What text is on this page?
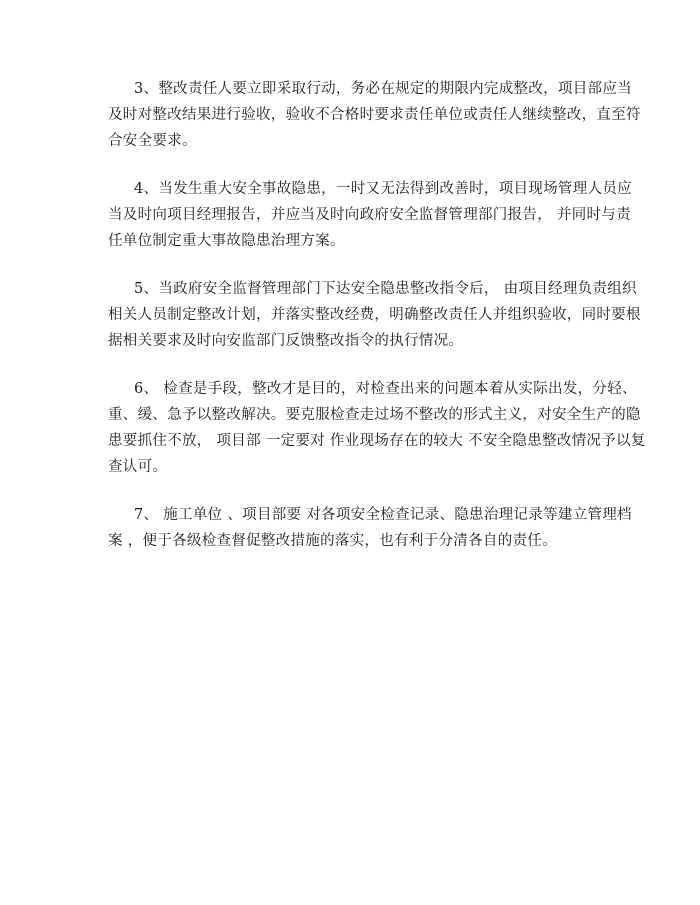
3、整改责任人要立即采取行动，务必在规定的期限内完成整改，项目部应当
及时对整改结果进行验收，验收不合格时要求责任单位或责任人继续整改，直至符
合安全要求。

4、当发生重大安全事故隐患，一时又无法得到改善时，项目现场管理人员应
当及时向项目经理报告，并应当及时向政府安全监督管理部门报告， 并同时与责
任单位制定重大事故隐患治理方案。

5、当政府安全监督管理部门下达安全隐患整改指令后， 由项目经理负责组织
相关人员制定整改计划，并落实整改经费，明确整改责任人并组织验收，同时要根
据相关要求及时向安监部门反馈整改指令的执行情况。

6、 检查是手段，整改才是目的，对检查出来的问题本着从实际出发，分轻、
重、缓、急予以整改解决。要克服检查走过场不整改的形式主义，对安全生产的隐
患要抓住不放， 项目部 一定要对 作业现场存在的较大 不安全隐患整改情况予以复
查认可。

7、 施工单位 、项目部要 对各项安全检查记录、隐患治理记录等建立管理档
案 ，便于各级检查督促整改措施的落实，也有利于分清各自的责任。
